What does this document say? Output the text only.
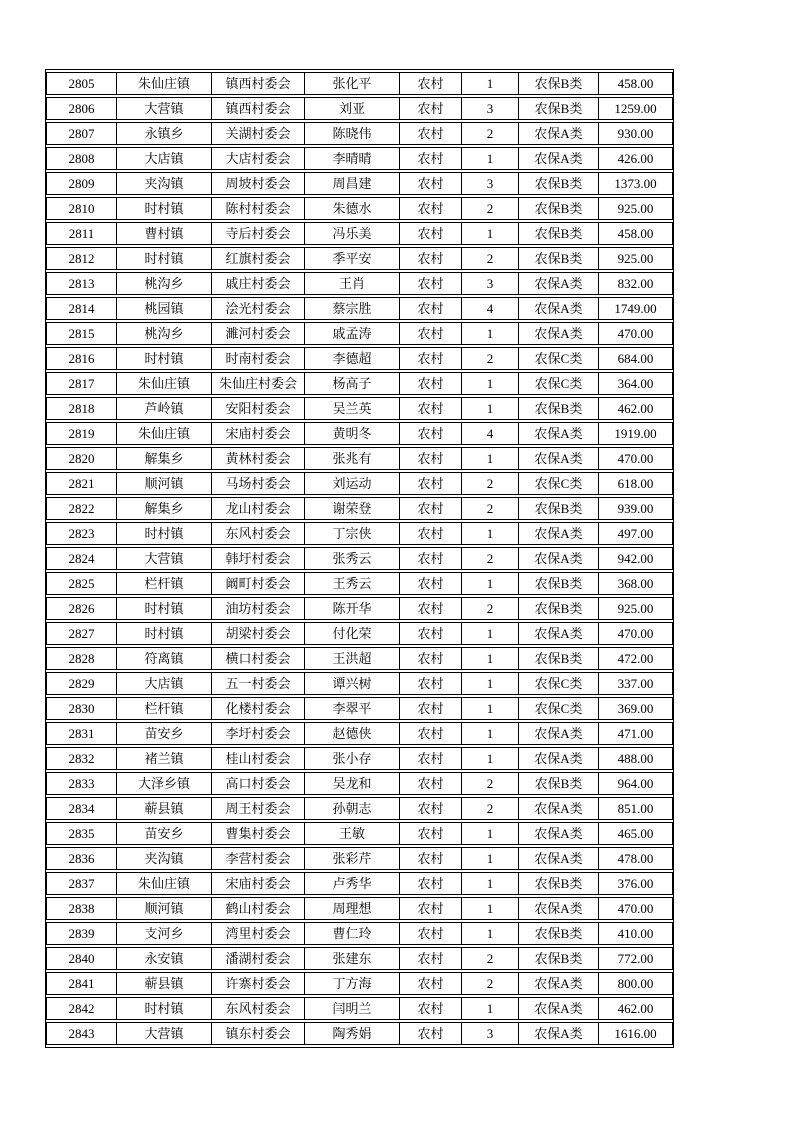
2805	朱仙庄镇	镇西村委会	张化平	农村	1	农保B类	458.00
2806	大营镇	镇西村委会	刘亚	农村	3	农保B类	1259.00
2807	永镇乡	关湖村委会	陈晓伟	农村	2	农保A类	930.00
2808	大店镇	大店村委会	李晴晴	农村	1	农保A类	426.00
2809	夹沟镇	周坡村委会	周昌建	农村	3	农保B类	1373.00
2810	时村镇	陈村村委会	朱德水	农村	2	农保B类	925.00
2811	曹村镇	寺后村委会	冯乐美	农村	1	农保B类	458.00
2812	时村镇	红旗村委会	季平安	农村	2	农保B类	925.00
2813	桃沟乡	戚庄村委会	王肖	农村	3	农保A类	832.00
2814	桃园镇	浍光村委会	蔡宗胜	农村	4	农保A类	1749.00
2815	桃沟乡	濉河村委会	戚孟涛	农村	1	农保A类	470.00
2816	时村镇	时南村委会	李德超	农村	2	农保C类	684.00
2817	朱仙庄镇	朱仙庄村委会	杨高子	农村	1	农保C类	364.00
2818	芦岭镇	安阳村委会	吴兰英	农村	1	农保B类	462.00
2819	朱仙庄镇	宋庙村委会	黄明冬	农村	4	农保A类	1919.00
2820	解集乡	黄林村委会	张兆有	农村	1	农保A类	470.00
2821	顺河镇	马场村委会	刘运动	农村	2	农保C类	618.00
2822	解集乡	龙山村委会	谢荣登	农村	2	农保B类	939.00
2823	时村镇	东风村委会	丁宗侠	农村	1	农保A类	497.00
2824	大营镇	韩圩村委会	张秀云	农村	2	农保A类	942.00
2825	栏杆镇	阚町村委会	王秀云	农村	1	农保B类	368.00
2826	时村镇	油坊村委会	陈开华	农村	2	农保B类	925.00
2827	时村镇	胡梁村委会	付化荣	农村	1	农保A类	470.00
2828	符离镇	横口村委会	王洪超	农村	1	农保B类	472.00
2829	大店镇	五一村委会	谭兴树	农村	1	农保C类	337.00
2830	栏杆镇	化楼村委会	李翠平	农村	1	农保C类	369.00
2831	苗安乡	李圩村委会	赵德侠	农村	1	农保A类	471.00
2832	褚兰镇	桂山村委会	张小存	农村	1	农保A类	488.00
2833	大泽乡镇	高口村委会	吴龙和	农村	2	农保B类	964.00
2834	蕲县镇	周王村委会	孙朝志	农村	2	农保A类	851.00
2835	苗安乡	曹集村委会	王敏	农村	1	农保A类	465.00
2836	夹沟镇	李营村委会	张彩芹	农村	1	农保A类	478.00
2837	朱仙庄镇	宋庙村委会	卢秀华	农村	1	农保B类	376.00
2838	顺河镇	鹤山村委会	周理想	农村	1	农保A类	470.00
2839	支河乡	湾里村委会	曹仁玲	农村	1	农保B类	410.00
2840	永安镇	潘湖村委会	张建东	农村	2	农保B类	772.00
2841	蕲县镇	许寨村委会	丁方海	农村	2	农保A类	800.00
2842	时村镇	东风村委会	闫明兰	农村	1	农保A类	462.00
2843	大营镇	镇东村委会	陶秀娟	农村	3	农保A类	1616.00
